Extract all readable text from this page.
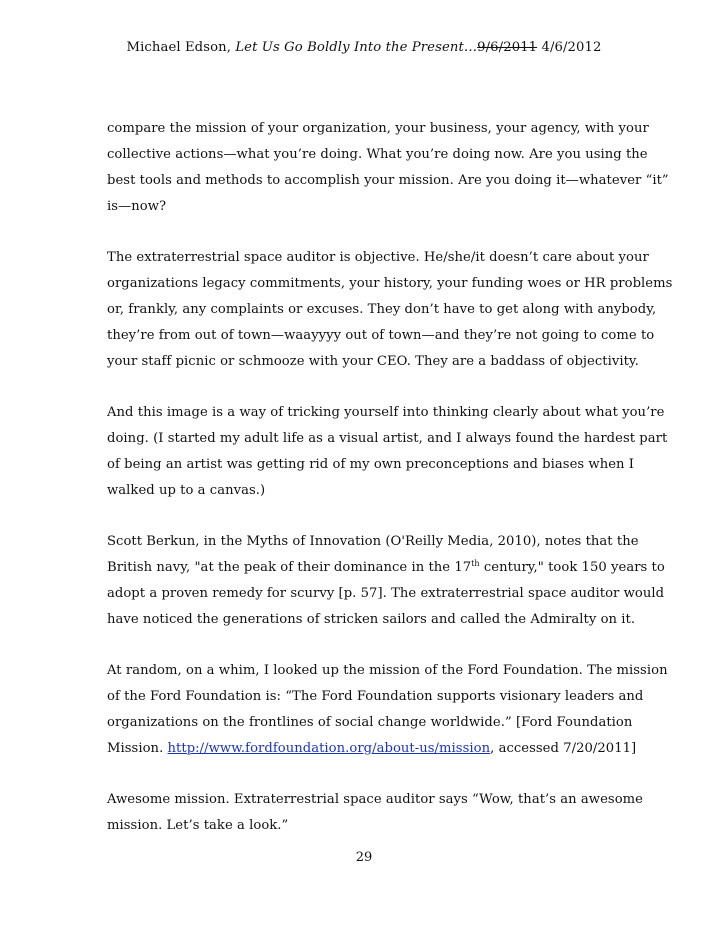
Michael Edson, Let Us Go Boldly Into the Present…9/6/2011 4/6/2012

compare the mission of your organization, your business, your agency, with your
collective actions—what you’re doing. What you’re doing now. Are you using the
best tools and methods to accomplish your mission. Are you doing it—whatever “it”
is—now?

The extraterrestrial space auditor is objective. He/she/it doesn’t care about your
organizations legacy commitments, your history, your funding woes or HR problems
or, frankly, any complaints or excuses. They don’t have to get along with anybody,
they’re from out of town—waayyyy out of town—and they’re not going to come to
your staff picnic or schmooze with your CEO. They are a baddass of objectivity.

And this image is a way of tricking yourself into thinking clearly about what you’re
doing. (I started my adult life as a visual artist, and I always found the hardest part
of being an artist was getting rid of my own preconceptions and biases when I
walked up to a canvas.)

Scott Berkun, in the Myths of Innovation (O'Reilly Media, 2010), notes that the
British navy, "at the peak of their dominance in the 17th century," took 150 years to
adopt a proven remedy for scurvy [p. 57]. The extraterrestrial space auditor would
have noticed the generations of stricken sailors and called the Admiralty on it.

At random, on a whim, I looked up the mission of the Ford Foundation. The mission
of the Ford Foundation is: “The Ford Foundation supports visionary leaders and
organizations on the frontlines of social change worldwide.” [Ford Foundation
Mission. http://www.fordfoundation.org/about-us/mission, accessed 7/20/2011]

Awesome mission. Extraterrestrial space auditor says “Wow, that’s an awesome
mission. Let’s take a look.”

29
